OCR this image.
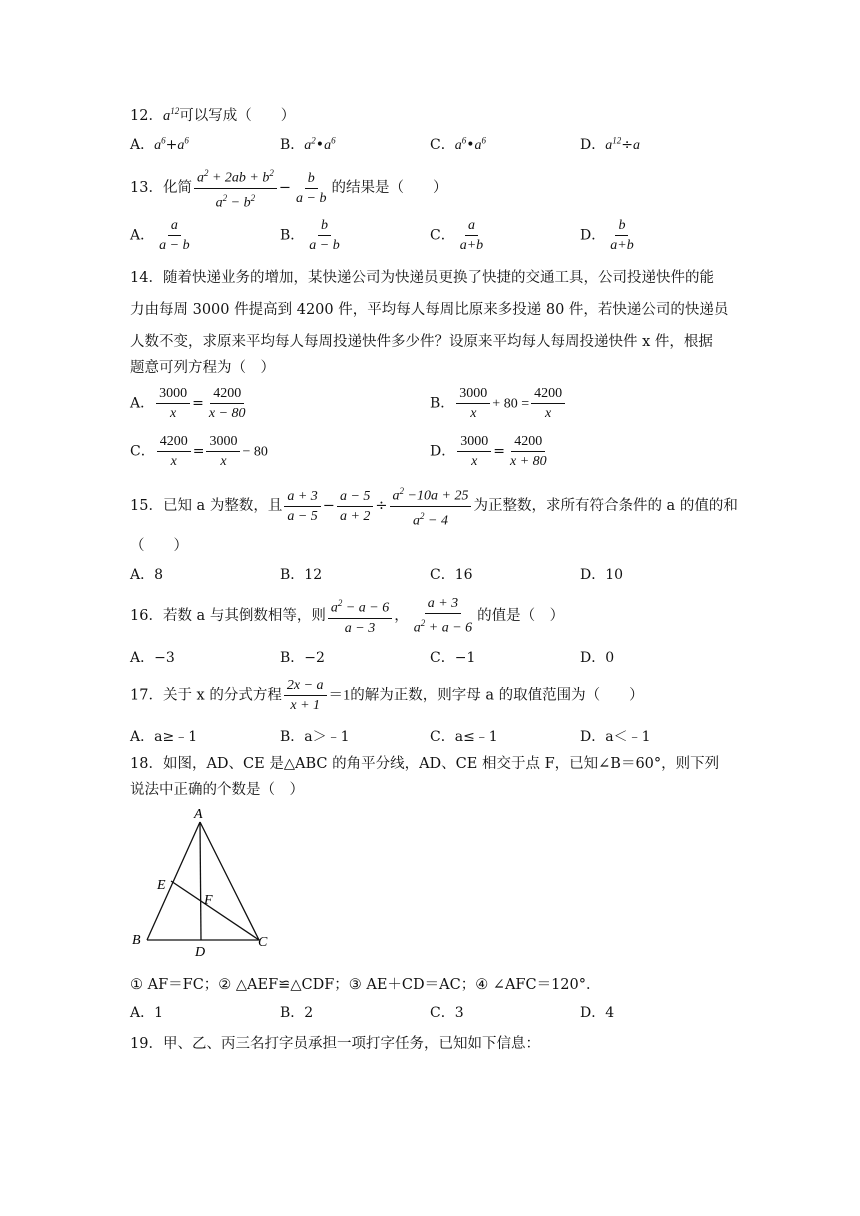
12．$a^{12}$可以写成（　　）
A．$a^6+a^6$	B．$a^2•a^6$	C．$a^6•a^6$	D．$a^{12}\div a$
13．化简 $\frac{a^2 + 2ab + b^2}{a^2 - b^2} - \frac{b}{a - b}$ 的结果是（　　）
A． $\frac{a}{a - b}$	B． $\frac{b}{a - b}$	C． $\frac{a}{a+b}$	D． $\frac{b}{a+b}$
14．随着快递业务的增加，某快递公司为快递员更换了快捷的交通工具，公司投递快件的能
力由每周 3000 件提高到 4200 件，平均每人每周比原来多投递 80 件，若快递公司的快递员
人数不变，求原来平均每人每周投递快件多少件？设原来平均每人每周投递快件 x 件，根据
题意可列方程为（　）
A． $\frac{3000}{x} = \frac{4200}{x - 80}$	B． $\frac{3000}{x} + 80 = \frac{4200}{x}$
C． $\frac{4200}{x} = \frac{3000}{x} - 80$	D． $\frac{3000}{x} = \frac{4200}{x + 80}$
15．已知 a 为整数，且 $\frac{a + 3}{a - 5} - \frac{a - 5}{a + 2} \div \frac{a^2 -10a + 25}{a^2 - 4}$ 为正整数，求所有符合条件的 a 的值的和
（　　）
A．8	B．12	C．16	D．10
16．若数 a 与其倒数相等，则 $\frac{a^2 - a - 6}{a - 3}$ ， $\frac{a + 3}{a^2 + a - 6}$ 的值是（　）
A．−3	B．−2	C．−1	D．0
17．关于 x 的分式方程 $\frac{2x - a}{x + 1} =1$的解为正数，则字母 a 的取值范围为（　　）
A．a≥﹣1	B．a＞﹣1	C．a≤﹣1	D．a＜﹣1
18．如图，AD、CE 是△ABC 的角平分线，AD、CE 相交于点 F，已知∠B＝60°，则下列
说法中正确的个数是（　）
A
B	C
D
E
F
① AF＝FC；② △AEF≌△CDF；③ AE＋CD＝AC；④ ∠AFC＝120°．
A．1	B．2	C．3	D．4
19．甲、乙、丙三名打字员承担一项打字任务，已知如下信息：
